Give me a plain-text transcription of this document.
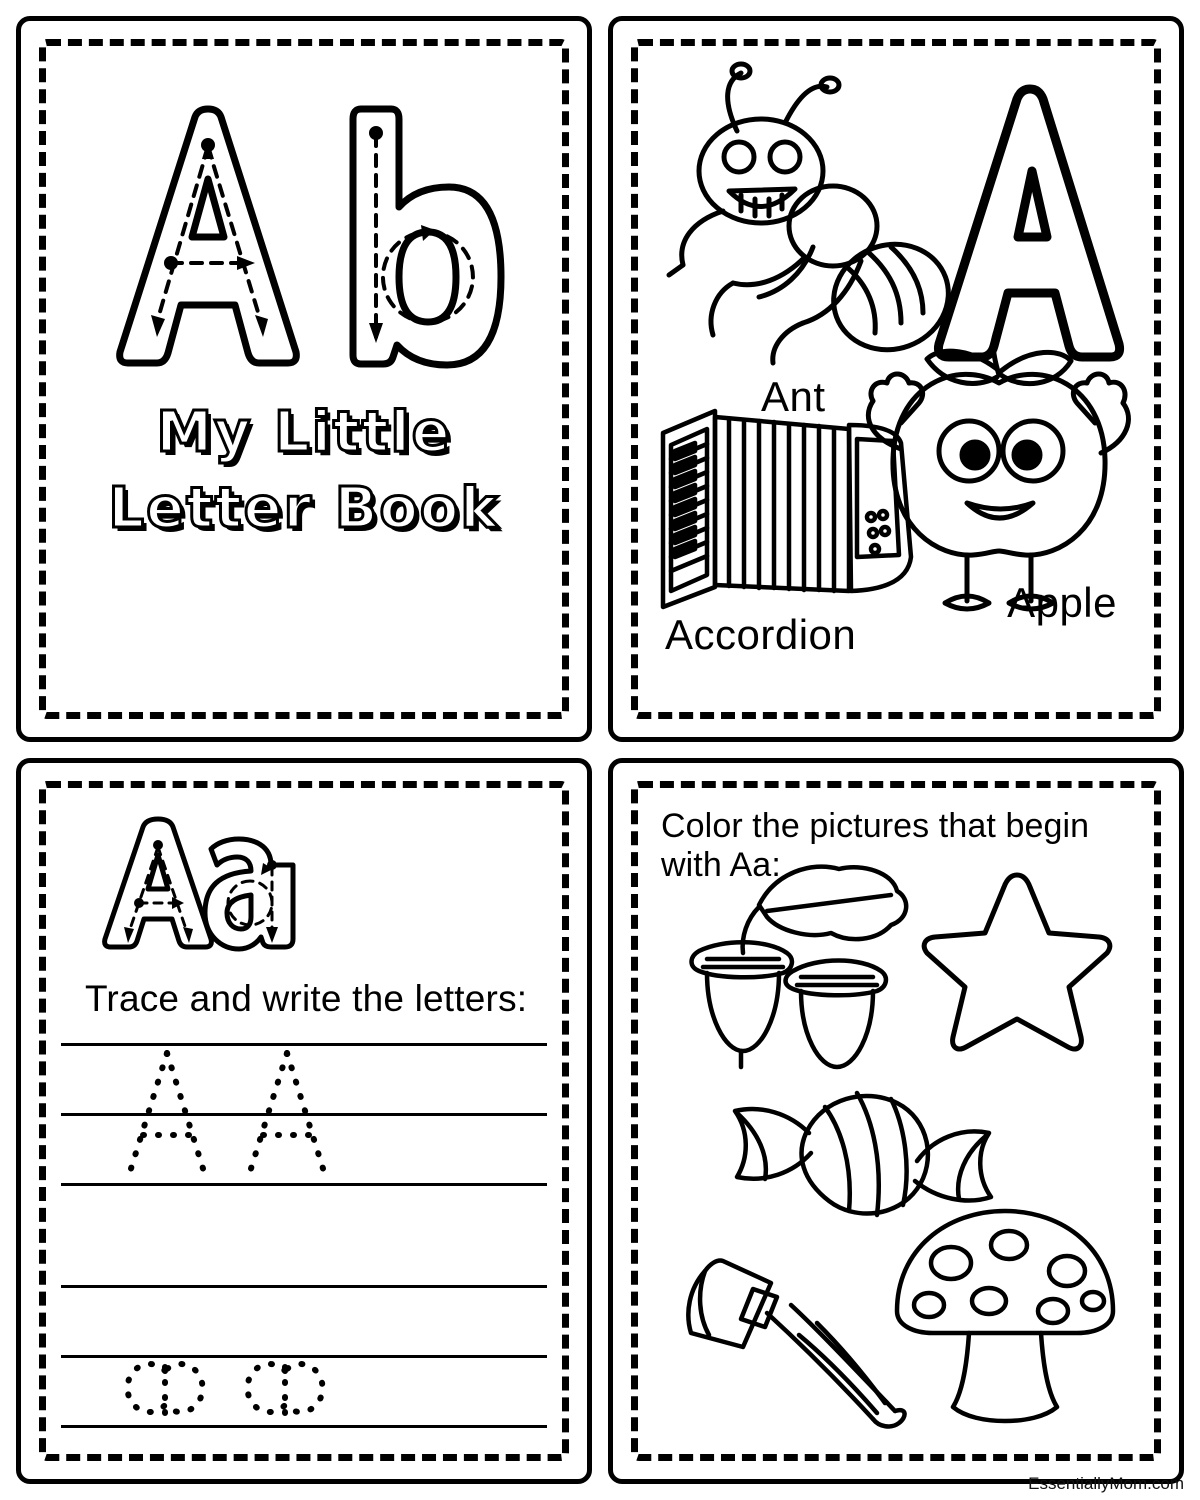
My Little
Letter Book
Ant
Accordion
Apple
Trace and write the letters:
Color the pictures that begin with Aa:
EssentiallyMom.com
